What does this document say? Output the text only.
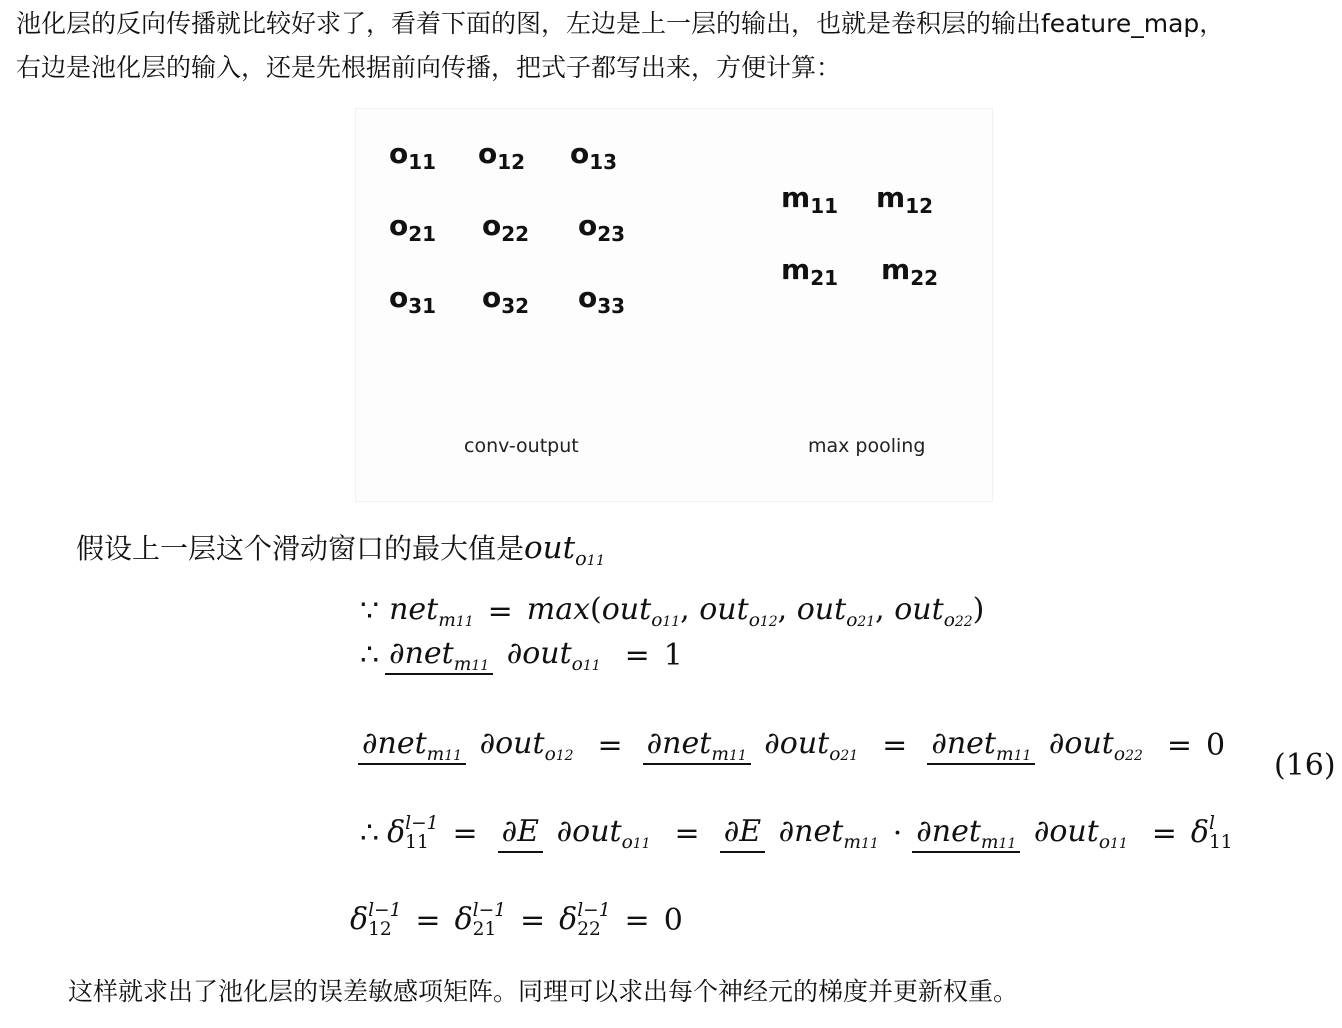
池化层的反向传播就比较好求了，看着下面的图，左边是上一层的输出，也就是卷积层的输出feature_map，
右边是池化层的输入，还是先根据前向传播，把式子都写出来，方便计算：
$o_{11}$ $o_{12}$ $o_{13}$
$o_{21}$ $o_{22}$ $o_{23}$
$o_{31}$ $o_{32}$ $o_{33}$
$m_{11}$ $m_{12}$
$m_{21}$ $m_{22}$
conv-output	max pooling
假设上一层这个滑动窗口的最大值是out$_{o11}$
∵ net$_{m11}$ = max(out$_{o11}$, out$_{o12}$, out$_{o21}$, out$_{o22}$)
∴ ∂net$_{m11}$ ∂out$_{o11}$ = 1
∂net$_{m11}$ ∂out$_{o12}$ = ∂net$_{m11}$ ∂out$_{o21}$ = ∂net$_{m11}$ ∂out$_{o22}$ = 0
(16)
∴ δ l−1
11 = ∂E ∂out$_{o11}$ = ∂E ∂net$_{m11}$ · ∂net$_{m11}$ ∂out$_{o11}$ = δ l
11
δ l−1
12 = δ l−1
21 = δ l−1
22 = 0
这样就求出了池化层的误差敏感项矩阵。同理可以求出每个神经元的梯度并更新权重。
